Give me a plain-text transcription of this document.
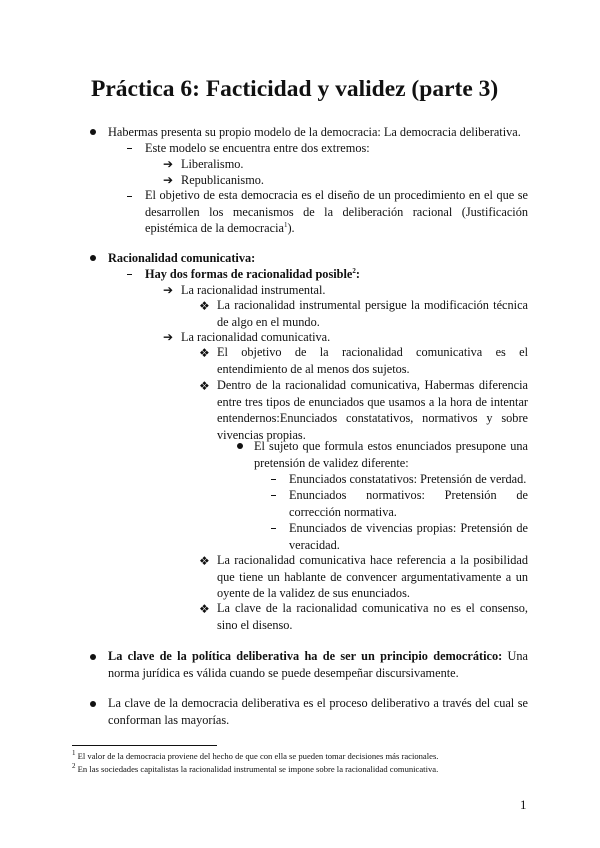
Práctica 6: Facticidad y validez (parte 3)
Habermas presenta su propio modelo de la democracia: La democracia deliberativa.
Este modelo se encuentra entre dos extremos:
➔ Liberalismo.
➔ Republicanismo.
El objetivo de esta democracia es el diseño de un procedimiento en el que se desarrollen los mecanismos de la deliberación racional (Justificación epistémica de la democracia$^1$).
Racionalidad comunicativa:
Hay dos formas de racionalidad posible$^2$:
➔ La racionalidad instrumental.
❖ La racionalidad instrumental persigue la modificación técnica de algo en el mundo.
➔ La racionalidad comunicativa.
❖ El objetivo de la racionalidad comunicativa es el entendimiento de al menos dos sujetos.
❖ Dentro de la racionalidad comunicativa, Habermas diferencia entre tres tipos de enunciados que usamos a la hora de intentar entendernos:Enunciados constatativos, normativos y sobre vivencias propias.
El sujeto que formula estos enunciados presupone una pretensión de validez diferente:
Enunciados constatativos: Pretensión de verdad.
Enunciados normativos: Pretensión de corrección normativa.
Enunciados de vivencias propias: Pretensión de veracidad.
❖ La racionalidad comunicativa hace referencia a la posibilidad que tiene un hablante de convencer argumentativamente a un oyente de la validez de sus enunciados.
❖ La clave de la racionalidad comunicativa no es el consenso, sino el disenso.
La clave de la política deliberativa ha de ser un principio democrático: Una norma jurídica es válida cuando se puede desempeñar discursivamente.
La clave de la democracia deliberativa es el proceso deliberativo a través del cual se conforman las mayorías.
$^1$ El valor de la democracia proviene del hecho de que con ella se pueden tomar decisiones más racionales.
$^2$ En las sociedades capitalistas la racionalidad instrumental se impone sobre la racionalidad comunicativa.
1
